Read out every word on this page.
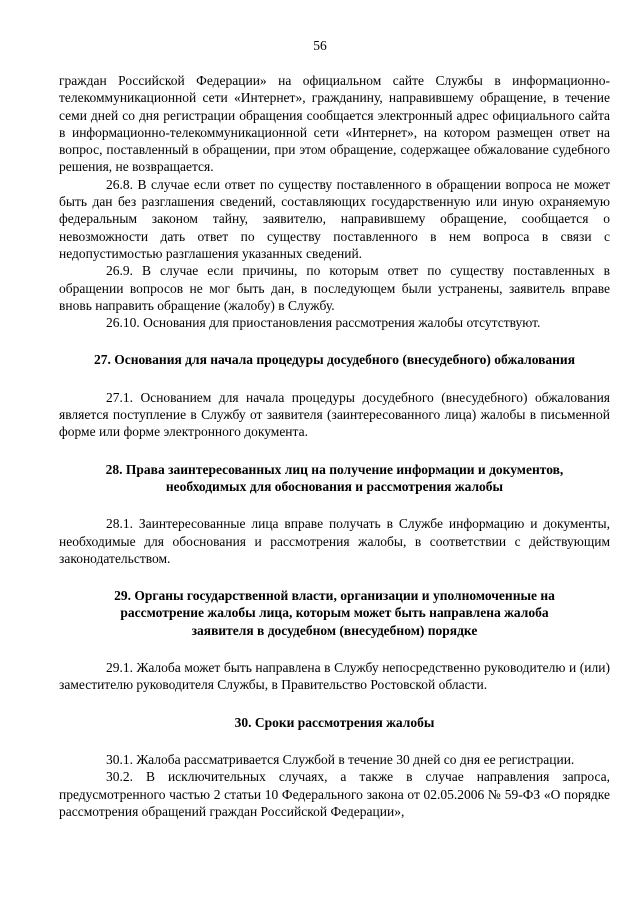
56

граждан Российской Федерации» на официальном сайте Службы в информационно-телекоммуникационной сети «Интернет», гражданину, направившему обращение, в течение семи дней со дня регистрации обращения сообщается электронный адрес официального сайта в информационно-телекоммуникационной сети «Интернет», на котором размещен ответ на вопрос, поставленный в обращении, при этом обращение, содержащее обжалование судебного решения, не возвращается.

26.8. В случае если ответ по существу поставленного в обращении вопроса не может быть дан без разглашения сведений, составляющих государственную или иную охраняемую федеральным законом тайну, заявителю, направившему обращение, сообщается о невозможности дать ответ по существу поставленного в нем вопроса в связи с недопустимостью разглашения указанных сведений.

26.9. В случае если причины, по которым ответ по существу поставленных в обращении вопросов не мог быть дан, в последующем были устранены, заявитель вправе вновь направить обращение (жалобу) в Службу.

26.10. Основания для приостановления рассмотрения жалобы отсутствуют.

27. Основания для начала процедуры досудебного (внесудебного) обжалования

27.1. Основанием для начала процедуры досудебного (внесудебного) обжалования является поступление в Службу от заявителя (заинтересованного лица) жалобы в письменной форме или форме электронного документа.

28. Права заинтересованных лиц на получение информации и документов,
необходимых для обоснования и рассмотрения жалобы

28.1. Заинтересованные лица вправе получать в Службе информацию и документы, необходимые для обоснования и рассмотрения жалобы, в соответствии с действующим законодательством.

29. Органы государственной власти, организации и уполномоченные на
рассмотрение жалобы лица, которым может быть направлена жалоба
заявителя в досудебном (внесудебном) порядке

29.1. Жалоба может быть направлена в Службу непосредственно руководителю и (или) заместителю руководителя Службы, в Правительство Ростовской области.

30. Сроки рассмотрения жалобы

30.1. Жалоба рассматривается Службой в течение 30 дней со дня ее регистрации.

30.2. В исключительных случаях, а также в случае направления запроса, предусмотренного частью 2 статьи 10 Федерального закона от 02.05.2006 № 59-ФЗ «О порядке рассмотрения обращений граждан Российской Федерации»,
